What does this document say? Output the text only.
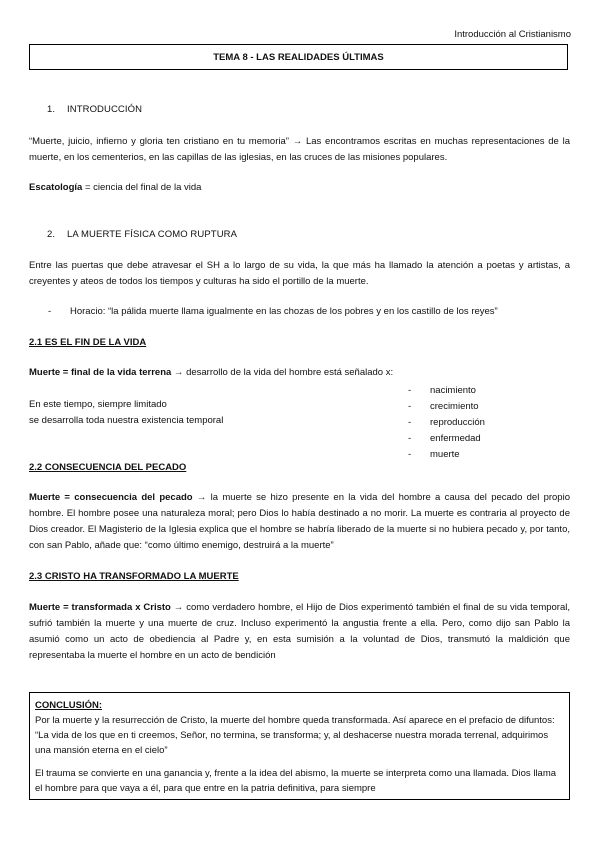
Introducción al Cristianismo
TEMA 8 - LAS REALIDADES ÚLTIMAS
1. INTRODUCCIÓN
“Muerte, juicio, infierno y gloria ten cristiano en tu memoria” → Las encontramos escritas en muchas representaciones de la muerte, en los cementerios, en las capillas de las iglesias, en las cruces de las misiones populares.
Escatología = ciencia del final de la vida
2. LA MUERTE FÍSICA COMO RUPTURA
Entre las puertas que debe atravesar el SH a lo largo de su vida, la que más ha llamado la atención a poetas y artistas, a creyentes y ateos de todos los tiempos y culturas ha sido el portillo de la muerte.
- Horacio: “la pálida muerte llama igualmente en las chozas de los pobres y en los castillo de los reyes”
2.1 ES EL FIN DE LA VIDA
Muerte = final de la vida terrena → desarrollo de la vida del hombre está señalado x:
En este tiempo, siempre limitado
se desarrolla toda nuestra existencia temporal
- nacimiento
- crecimiento
- reproducción
- enfermedad
- muerte
2.2 CONSECUENCIA DEL PECADO
Muerte = consecuencia del pecado → la muerte se hizo presente en la vida del hombre a causa del pecado del propio hombre. El hombre posee una naturaleza moral; pero Dios lo había destinado a no morir. La muerte es contraria al proyecto de Dios creador. El Magisterio de la Iglesia explica que el hombre se habría liberado de la muerte si no hubiera pecado y, por tanto, con san Pablo, añade que: “como último enemigo, destruirá a la muerte”
2.3 CRISTO HA TRANSFORMADO LA MUERTE
Muerte = transformada x Cristo → como verdadero hombre, el Hijo de Dios experimentó también el final de su vida temporal, sufrió también la muerte y una muerte de cruz. Incluso experimentó la angustia frente a ella. Pero, como dijo san Pablo la asumió como un acto de obediencia al Padre y, en esta sumisión a la voluntad de Dios, transmutó la maldición que representaba la muerte el hombre en un acto de bendición

CONCLUSIÓN:

Por la muerte y la resurrección de Cristo, la muerte del hombre queda transformada. Así aparece en el prefacio de difuntos: “La vida de los que en ti creemos, Señor, no termina, se transforma; y, al deshacerse nuestra morada terrenal, adquirimos una mansión eterna en el cielo”

El trauma se convierte en una ganancia y, frente a la idea del abismo, la muerte se interpreta como una llamada. Dios llama el hombre para que vaya a él, para que entre en la patria definitiva, para siempre
